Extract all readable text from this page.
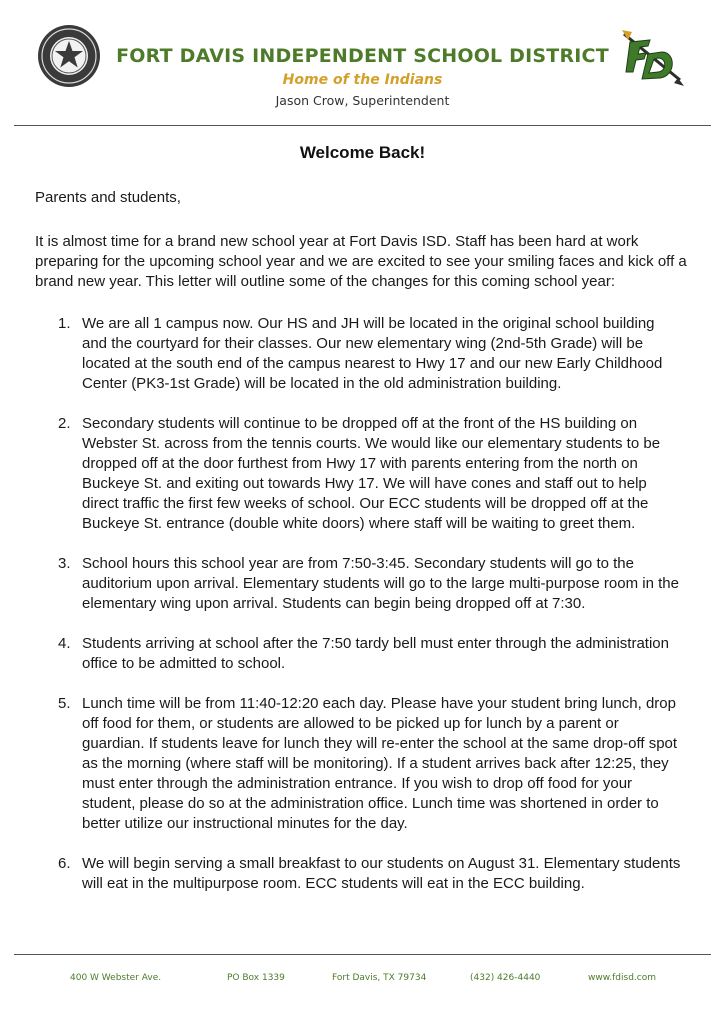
FORT DAVIS INDEPENDENT SCHOOL DISTRICT
Home of the Indians
Jason Crow, Superintendent
Welcome Back!
Parents and students,

It is almost time for a brand new school year at Fort Davis ISD. Staff has been hard at work preparing for the upcoming school year and we are excited to see your smiling faces and kick off a brand new year. This letter will outline some of the changes for this coming school year:

1. We are all 1 campus now. Our HS and JH will be located in the original school building and the courtyard for their classes. Our new elementary wing (2nd-5th Grade) will be located at the south end of the campus nearest to Hwy 17 and our new Early Childhood Center (PK3-1st Grade) will be located in the old administration building.
2. Secondary students will continue to be dropped off at the front of the HS building on Webster St. across from the tennis courts. We would like our elementary students to be dropped off at the door furthest from Hwy 17 with parents entering from the north on Buckeye St. and exiting out towards Hwy 17. We will have cones and staff out to help direct traffic the first few weeks of school. Our ECC students will be dropped off at the Buckeye St. entrance (double white doors) where staff will be waiting to greet them.
3. School hours this school year are from 7:50-3:45. Secondary students will go to the auditorium upon arrival. Elementary students will go to the large multi-purpose room in the elementary wing upon arrival. Students can begin being dropped off at 7:30.
4. Students arriving at school after the 7:50 tardy bell must enter through the administration office to be admitted to school.
5. Lunch time will be from 11:40-12:20 each day. Please have your student bring lunch, drop off food for them, or students are allowed to be picked up for lunch by a parent or guardian. If students leave for lunch they will re-enter the school at the same drop-off spot as the morning (where staff will be monitoring). If a student arrives back after 12:25, they must enter through the administration entrance. If you wish to drop off food for your student, please do so at the administration office. Lunch time was shortened in order to better utilize our instructional minutes for the day.
6. We will begin serving a small breakfast to our students on August 31. Elementary students will eat in the multipurpose room. ECC students will eat in the ECC building.
400 W Webster Ave.	PO Box 1339	Fort Davis, TX 79734	(432) 426-4440	www.fdisd.com
